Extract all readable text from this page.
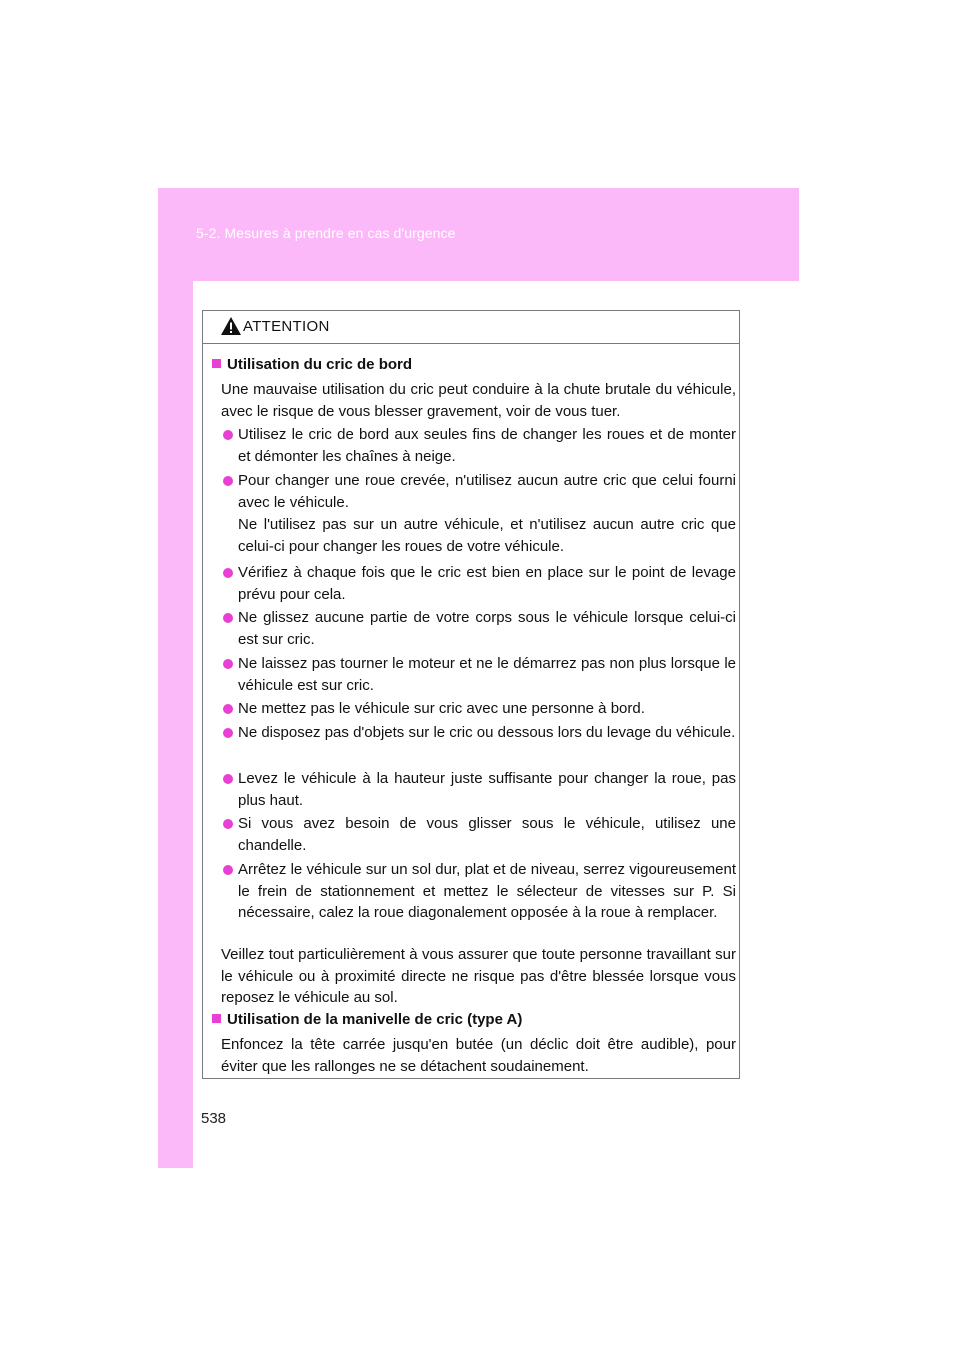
5-2. Mesures à prendre en cas d'urgence
ATTENTION
Utilisation du cric de bord
Une mauvaise utilisation du cric peut conduire à la chute brutale du véhicule, avec le risque de vous blesser gravement, voir de vous tuer.
Utilisez le cric de bord aux seules fins de changer les roues et de monter et démonter les chaînes à neige.
Pour changer une roue crevée, n'utilisez aucun autre cric que celui fourni avec le véhicule.
Ne l'utilisez pas sur un autre véhicule, et n'utilisez aucun autre cric que celui-ci pour changer les roues de votre véhicule.
Vérifiez à chaque fois que le cric est bien en place sur le point de levage prévu pour cela.
Ne glissez aucune partie de votre corps sous le véhicule lorsque celui-ci est sur cric.
Ne laissez pas tourner le moteur et ne le démarrez pas non plus lorsque le véhicule est sur cric.
Ne mettez pas le véhicule sur cric avec une personne à bord.
Ne disposez pas d'objets sur le cric ou dessous lors du levage du véhicule.
Levez le véhicule à la hauteur juste suffisante pour changer la roue, pas plus haut.
Si vous avez besoin de vous glisser sous le véhicule, utilisez une chandelle.
Arrêtez le véhicule sur un sol dur, plat et de niveau, serrez vigoureusement le frein de stationnement et mettez le sélecteur de vitesses sur P. Si nécessaire, calez la roue diagonalement opposée à la roue à remplacer.
Veillez tout particulièrement à vous assurer que toute personne travaillant sur le véhicule ou à proximité directe ne risque pas d'être blessée lorsque vous reposez le véhicule au sol.
Utilisation de la manivelle de cric (type A)
Enfoncez la tête carrée jusqu'en butée (un déclic doit être audible), pour éviter que les rallonges ne se détachent soudainement.
538
